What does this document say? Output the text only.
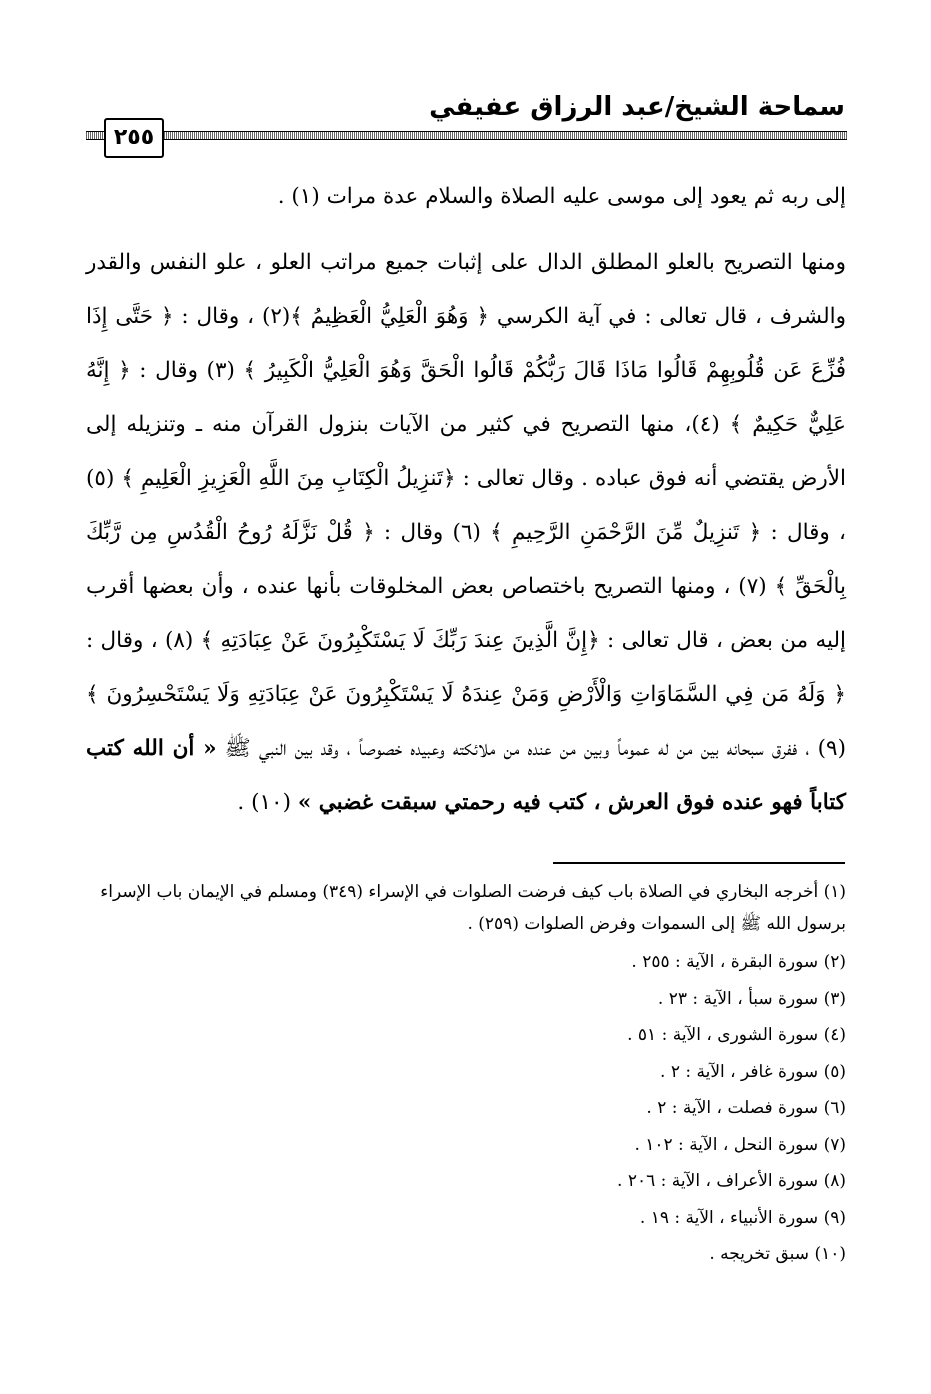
سماحة الشيخ/عبد الرزاق عفيفي
٢٥٥

إلى ربه ثم يعود إلى موسى عليه الصلاة والسلام عدة مرات (١) .

ومنها التصريح بالعلو المطلق الدال على إثبات جميع مراتب العلو ، علو النفس والقدر والشرف ، قال تعالى : في آية الكرسي ﴿ وَهُوَ الْعَلِيُّ الْعَظِيمُ ﴾(٢) ، وقال : ﴿ حَتَّى إِذَا فُزِّعَ عَن قُلُوبِهِمْ قَالُوا مَاذَا قَالَ رَبُّكُمْ قَالُوا الْحَقَّ وَهُوَ الْعَلِيُّ الْكَبِيرُ ﴾ (٣) وقال : ﴿ إِنَّهُ عَلِيٌّ حَكِيمٌ ﴾ (٤)، منها التصريح في كثير من الآيات بنزول القرآن منه ـ وتنزيله إلى الأرض يقتضي أنه فوق عباده . وقال تعالى : ﴿تَنزِيلُ الْكِتَابِ مِنَ اللَّهِ الْعَزِيزِ الْعَلِيمِ ﴾ (٥) ، وقال : ﴿ تَنزِيلٌ مِّنَ الرَّحْمَنِ الرَّحِيمِ ﴾ (٦) وقال : ﴿ قُلْ نَزَّلَهُ رُوحُ الْقُدُسِ مِن رَّبِّكَ بِالْحَقِّ ﴾ (٧) ، ومنها التصريح باختصاص بعض المخلوقات بأنها عنده ، وأن بعضها أقرب إليه من بعض ، قال تعالى : ﴿إِنَّ الَّذِينَ عِندَ رَبِّكَ لَا يَسْتَكْبِرُونَ عَنْ عِبَادَتِهِ ﴾ (٨) ، وقال : ﴿ وَلَهُ مَن فِي السَّمَاوَاتِ وَالْأَرْضِ وَمَنْ عِندَهُ لَا يَسْتَكْبِرُونَ عَنْ عِبَادَتِهِ وَلَا يَسْتَحْسِرُونَ ﴾ (٩) ، ففرق سبحانه بين من له عموماً وبين من عنده من ملائكته وعبيده خصوصاً ، وقد بين النبي ﷺ « أن الله كتب كتاباً فهو عنده فوق العرش ، كتب فيه رحمتي سبقت غضبي » (١٠) .

(١) أخرجه البخاري في الصلاة باب كيف فرضت الصلوات في الإسراء (٣٤٩) ومسلم في الإيمان باب الإسراء برسول الله ﷺ إلى السموات وفرض الصلوات (٢٥٩) .

(٢) سورة البقرة ، الآية : ٢٥٥ .

(٣) سورة سبأ ، الآية : ٢٣ .

(٤) سورة الشورى ، الآية : ٥١ .

(٥) سورة غافر ، الآية : ٢ .

(٦) سورة فصلت ، الآية : ٢ .

(٧) سورة النحل ، الآية : ١٠٢ .

(٨) سورة الأعراف ، الآية : ٢٠٦ .

(٩) سورة الأنبياء ، الآية : ١٩ .

(١٠) سبق تخريجه .
